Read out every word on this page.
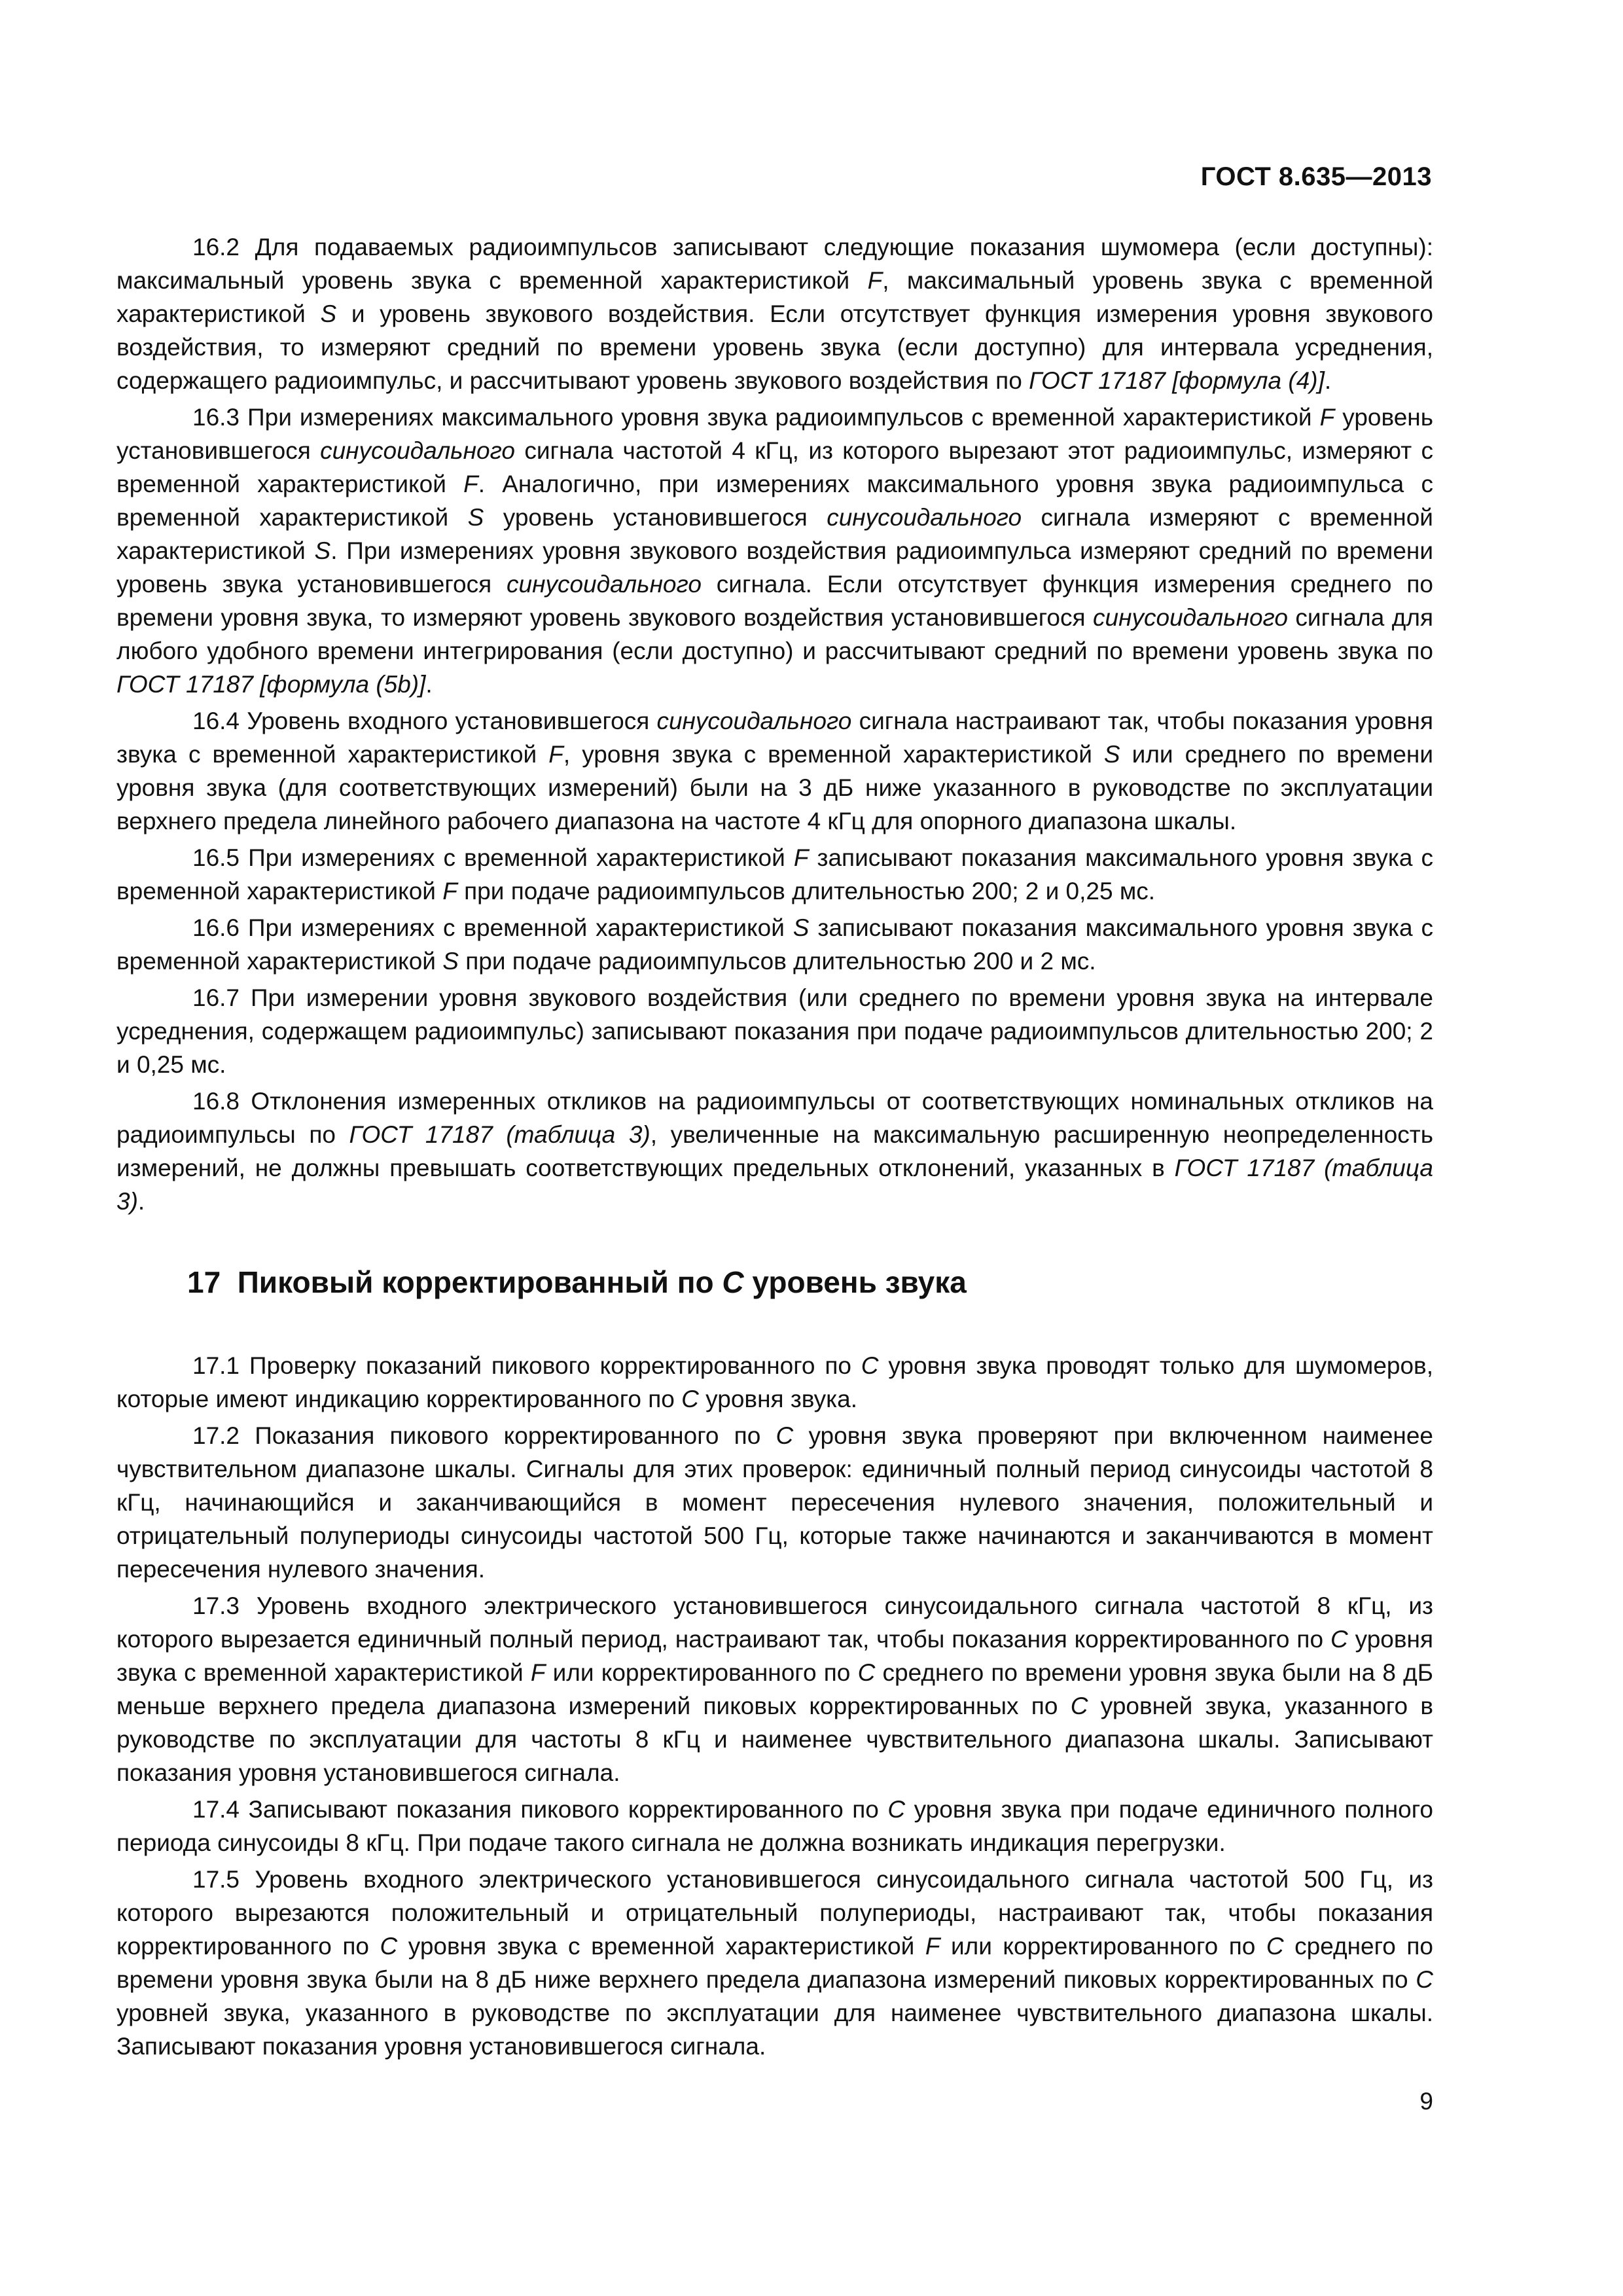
ГОСТ 8.635—2013

16.2 Для подаваемых радиоимпульсов записывают следующие показания шумомера (если доступны): максимальный уровень звука с временной характеристикой F, максимальный уровень звука с временной характеристикой S и уровень звукового воздействия. Если отсутствует функция измерения уровня звукового воздействия, то измеряют средний по времени уровень звука (если доступно) для интервала усреднения, содержащего радиоимпульс, и рассчитывают уровень звукового воздействия по ГОСТ 17187 [формула (4)].

16.3 При измерениях максимального уровня звука радиоимпульсов с временной характеристикой F уровень установившегося синусоидального сигнала частотой 4 кГц, из которого вырезают этот радиоимпульс, измеряют с временной характеристикой F. Аналогично, при измерениях максимального уровня звука радиоимпульса с временной характеристикой S уровень установившегося синусоидального сигнала измеряют с временной характеристикой S. При измерениях уровня звукового воздействия радиоимпульса измеряют средний по времени уровень звука установившегося синусоидального сигнала. Если отсутствует функция измерения среднего по времени уровня звука, то измеряют уровень звукового воздействия установившегося синусоидального сигнала для любого удобного времени интегрирования (если доступно) и рассчитывают средний по времени уровень звука по ГОСТ 17187 [формула (5b)].

16.4 Уровень входного установившегося синусоидального сигнала настраивают так, чтобы показания уровня звука с временной характеристикой F, уровня звука с временной характеристикой S или среднего по времени уровня звука (для соответствующих измерений) были на 3 дБ ниже указанного в руководстве по эксплуатации верхнего предела линейного рабочего диапазона на частоте 4 кГц для опорного диапазона шкалы.

16.5 При измерениях с временной характеристикой F записывают показания максимального уровня звука с временной характеристикой F при подаче радиоимпульсов длительностью 200; 2 и 0,25 мс.

16.6 При измерениях с временной характеристикой S записывают показания максимального уровня звука с временной характеристикой S при подаче радиоимпульсов длительностью 200 и 2 мс.

16.7 При измерении уровня звукового воздействия (или среднего по времени уровня звука на интервале усреднения, содержащем радиоимпульс) записывают показания при подаче радиоимпульсов длительностью 200; 2 и 0,25 мс.

16.8 Отклонения измеренных откликов на радиоимпульсы от соответствующих номинальных откликов на радиоимпульсы по ГОСТ 17187 (таблица 3), увеличенные на максимальную расширенную неопределенность измерений, не должны превышать соответствующих предельных отклонений, указанных в ГОСТ 17187 (таблица 3).

17  Пиковый корректированный по С уровень звука

17.1 Проверку показаний пикового корректированного по С уровня звука проводят только для шумомеров, которые имеют индикацию корректированного по С уровня звука.

17.2 Показания пикового корректированного по С уровня звука проверяют при включенном наименее чувствительном диапазоне шкалы. Сигналы для этих проверок: единичный полный период синусоиды частотой 8 кГц, начинающийся и заканчивающийся в момент пересечения нулевого значения, положительный и отрицательный полупериоды синусоиды частотой 500 Гц, которые также начинаются и заканчиваются в момент пересечения нулевого значения.

17.3 Уровень входного электрического установившегося синусоидального сигнала частотой 8 кГц, из которого вырезается единичный полный период, настраивают так, чтобы показания корректированного по С уровня звука с временной характеристикой F или корректированного по С среднего по времени уровня звука были на 8 дБ меньше верхнего предела диапазона измерений пиковых корректированных по С уровней звука, указанного в руководстве по эксплуатации для частоты 8 кГц и наименее чувствительного диапазона шкалы. Записывают показания уровня установившегося сигнала.

17.4 Записывают показания пикового корректированного по С уровня звука при подаче единичного полного периода синусоиды 8 кГц. При подаче такого сигнала не должна возникать индикация перегрузки.

17.5 Уровень входного электрического установившегося синусоидального сигнала частотой 500 Гц, из которого вырезаются положительный и отрицательный полупериоды, настраивают так, чтобы показания корректированного по С уровня звука с временной характеристикой F или корректированного по С среднего по времени уровня звука были на 8 дБ ниже верхнего предела диапазона измерений пиковых корректированных по С уровней звука, указанного в руководстве по эксплуатации для наименее чувствительного диапазона шкалы. Записывают показания уровня установившегося сигнала.

9
